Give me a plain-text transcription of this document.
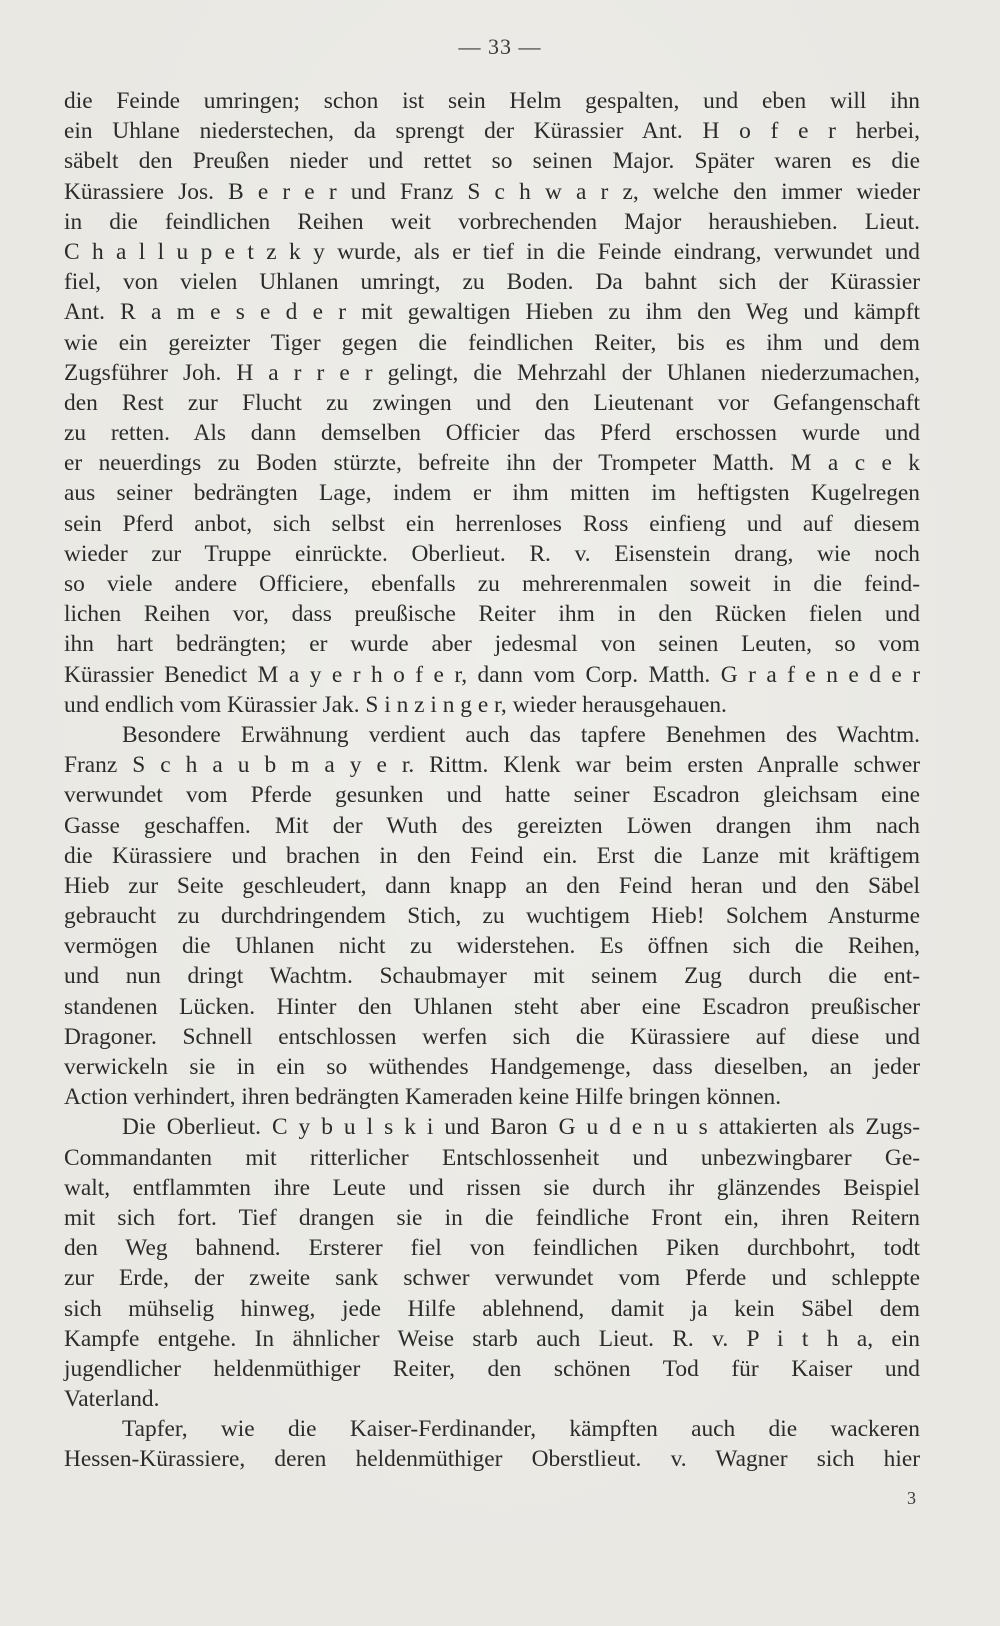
— 33 —
die Feinde umringen; schon ist sein Helm gespalten, und eben will ihn
ein Uhlane niederstechen, da sprengt der Kürassier Ant. H o f e r herbei,
säbelt den Preußen nieder und rettet so seinen Major. Später waren es die
Kürassiere Jos. B e r e r und Franz S c h w a r z, welche den immer wieder
in die feindlichen Reihen weit vorbrechenden Major heraushieben. Lieut.
C h a l l u p e t z k y wurde, als er tief in die Feinde eindrang, verwundet und
fiel, von vielen Uhlanen umringt, zu Boden. Da bahnt sich der Kürassier
Ant. R a m e s e d e r mit gewaltigen Hieben zu ihm den Weg und kämpft
wie ein gereizter Tiger gegen die feindlichen Reiter, bis es ihm und dem
Zugsführer Joh. H a r r e r gelingt, die Mehrzahl der Uhlanen niederzumachen,
den Rest zur Flucht zu zwingen und den Lieutenant vor Gefangenschaft
zu retten. Als dann demselben Officier das Pferd erschossen wurde und
er neuerdings zu Boden stürzte, befreite ihn der Trompeter Matth. M a c e k
aus seiner bedrängten Lage, indem er ihm mitten im heftigsten Kugelregen
sein Pferd anbot, sich selbst ein herrenloses Ross einfieng und auf diesem
wieder zur Truppe einrückte. Oberlieut. R. v. Eisenstein drang, wie noch
so viele andere Officiere, ebenfalls zu mehrerenmalen soweit in die feind-
lichen Reihen vor, dass preußische Reiter ihm in den Rücken fielen und
ihn hart bedrängten; er wurde aber jedesmal von seinen Leuten, so vom
Kürassier Benedict M a y e r h o f e r, dann vom Corp. Matth. G r a f e n e d e r
und endlich vom Kürassier Jak. S i n z i n g e r, wieder herausgehauen.
Besondere Erwähnung verdient auch das tapfere Benehmen des Wachtm.
Franz S c h a u b m a y e r. Rittm. Klenk war beim ersten Anpralle schwer
verwundet vom Pferde gesunken und hatte seiner Escadron gleichsam eine
Gasse geschaffen. Mit der Wuth des gereizten Löwen drangen ihm nach
die Kürassiere und brachen in den Feind ein. Erst die Lanze mit kräftigem
Hieb zur Seite geschleudert, dann knapp an den Feind heran und den Säbel
gebraucht zu durchdringendem Stich, zu wuchtigem Hieb! Solchem Ansturme
vermögen die Uhlanen nicht zu widerstehen. Es öffnen sich die Reihen,
und nun dringt Wachtm. Schaubmayer mit seinem Zug durch die ent-
standenen Lücken. Hinter den Uhlanen steht aber eine Escadron preußischer
Dragoner. Schnell entschlossen werfen sich die Kürassiere auf diese und
verwickeln sie in ein so wüthendes Handgemenge, dass dieselben, an jeder
Action verhindert, ihren bedrängten Kameraden keine Hilfe bringen können.
Die Oberlieut. C y b u l s k i und Baron G u d e n u s attakierten als Zugs-
Commandanten mit ritterlicher Entschlossenheit und unbezwingbarer Ge-
walt, entflammten ihre Leute und rissen sie durch ihr glänzendes Beispiel
mit sich fort. Tief drangen sie in die feindliche Front ein, ihren Reitern
den Weg bahnend. Ersterer fiel von feindlichen Piken durchbohrt, todt
zur Erde, der zweite sank schwer verwundet vom Pferde und schleppte
sich mühselig hinweg, jede Hilfe ablehnend, damit ja kein Säbel dem
Kampfe entgehe. In ähnlicher Weise starb auch Lieut. R. v. P i t h a, ein
jugendlicher heldenmüthiger Reiter, den schönen Tod für Kaiser und
Vaterland.
Tapfer, wie die Kaiser-Ferdinander, kämpften auch die wackeren
Hessen-Kürassiere, deren heldenmüthiger Oberstlieut. v. Wagner sich hier
3
